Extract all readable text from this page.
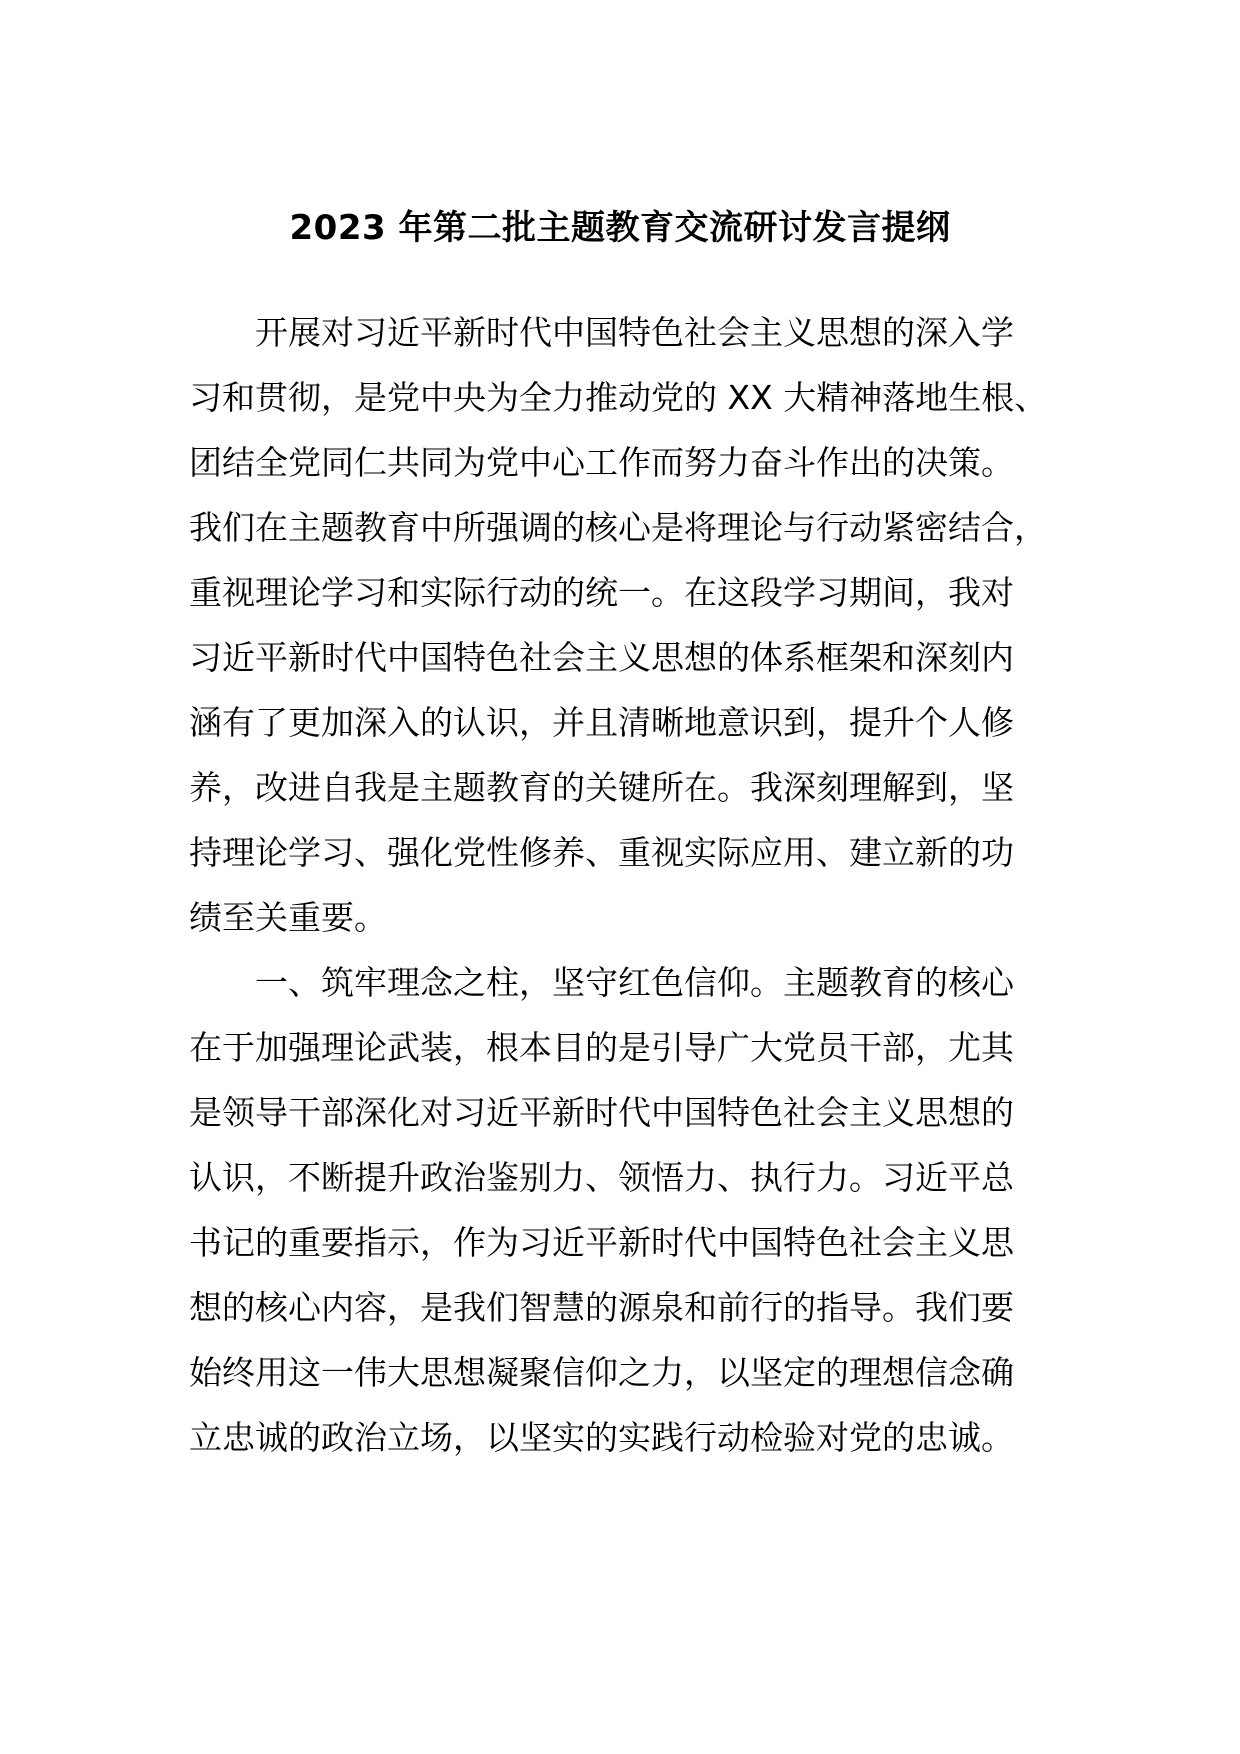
2023 年第二批主题教育交流研讨发言提纲
　　开展对习近平新时代中国特色社会主义思想的深入学
习和贯彻，是党中央为全力推动党的 XX 大精神落地生根、
团结全党同仁共同为党中心工作而努力奋斗作出的决策。
我们在主题教育中所强调的核心是将理论与行动紧密结合，
重视理论学习和实际行动的统一。在这段学习期间，我对
习近平新时代中国特色社会主义思想的体系框架和深刻内
涵有了更加深入的认识，并且清晰地意识到，提升个人修
养，改进自我是主题教育的关键所在。我深刻理解到，坚
持理论学习、强化党性修养、重视实际应用、建立新的功
绩至关重要。
　　一、筑牢理念之柱，坚守红色信仰。主题教育的核心
在于加强理论武装，根本目的是引导广大党员干部，尤其
是领导干部深化对习近平新时代中国特色社会主义思想的
认识，不断提升政治鉴别力、领悟力、执行力。习近平总
书记的重要指示，作为习近平新时代中国特色社会主义思
想的核心内容，是我们智慧的源泉和前行的指导。我们要
始终用这一伟大思想凝聚信仰之力，以坚定的理想信念确
立忠诚的政治立场，以坚实的实践行动检验对党的忠诚。
